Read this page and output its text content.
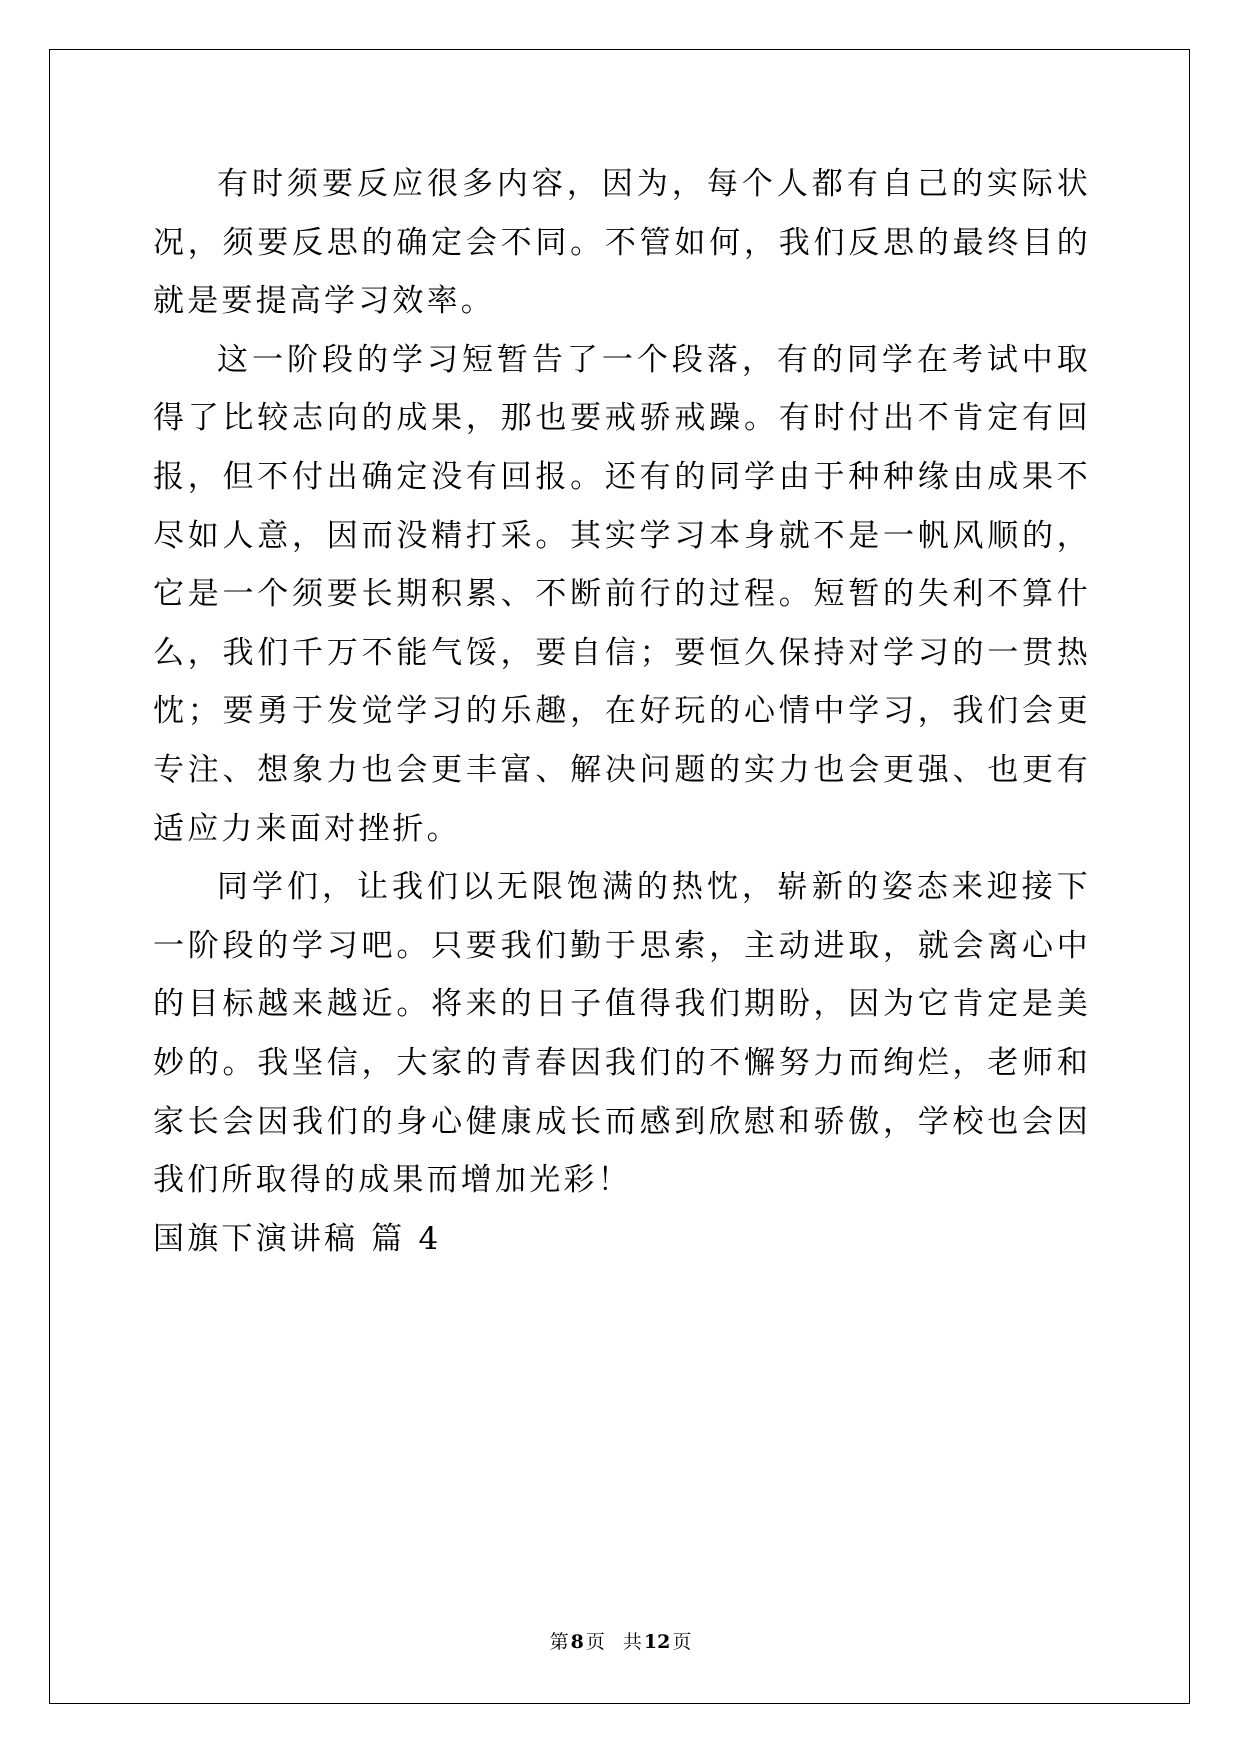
有时须要反应很多内容，因为，每个人都有自己的实际状况，须要反思的确定会不同。不管如何，我们反思的最终目的就是要提高学习效率。

这一阶段的学习短暂告了一个段落，有的同学在考试中取得了比较志向的成果，那也要戒骄戒躁。有时付出不肯定有回报，但不付出确定没有回报。还有的同学由于种种缘由成果不尽如人意，因而没精打采。其实学习本身就不是一帆风顺的，它是一个须要长期积累、不断前行的过程。短暂的失利不算什么，我们千万不能气馁，要自信；要恒久保持对学习的一贯热忱；要勇于发觉学习的乐趣，在好玩的心情中学习，我们会更专注、想象力也会更丰富、解决问题的实力也会更强、也更有适应力来面对挫折。

同学们，让我们以无限饱满的热忱，崭新的姿态来迎接下一阶段的学习吧。只要我们勤于思索，主动进取，就会离心中的目标越来越近。将来的日子值得我们期盼，因为它肯定是美妙的。我坚信，大家的青春因我们的不懈努力而绚烂，老师和家长会因我们的身心健康成长而感到欣慰和骄傲，学校也会因我们所取得的成果而增加光彩！

国旗下演讲稿 篇 4

第 8 页 共 12 页
